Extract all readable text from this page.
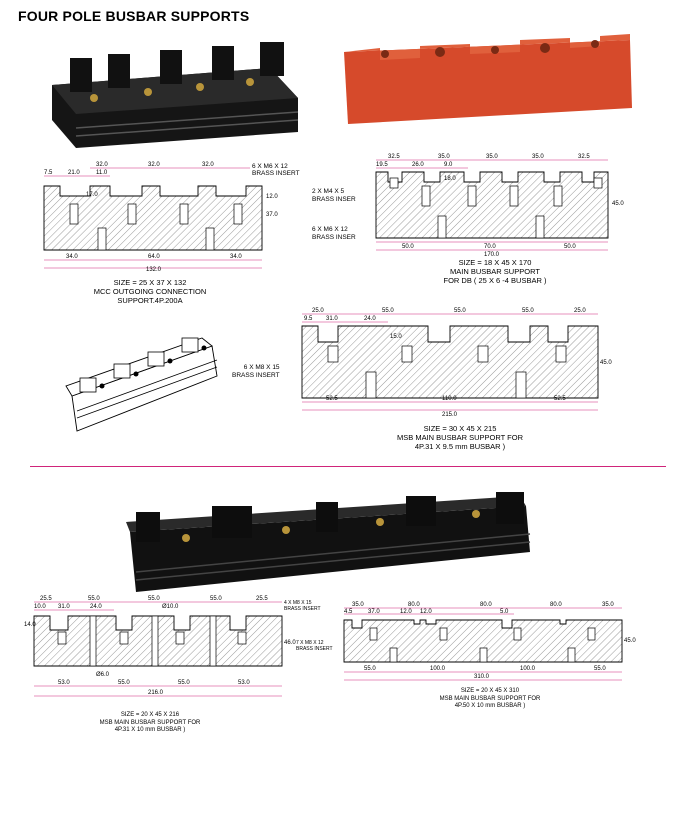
FOUR POLE BUSBAR SUPPORTS
32.0	32.0	32.0
7.5	21.0	11.0
12.0
37.0
17.0
34.0	64.0	34.0
132.0
6 X M6 X 12
BRASS INSERT
SIZE = 25 X 37 X 132
MCC OUTGOING CONNECTION
SUPPORT.4P.200A
32.5	35.0	35.0	35.0	32.5
19.5	26.0	9.0
18.0
45.0
50.0	70.0	50.0
170.0
2 X M4 X 5
BRASS INSER
6 X M6 X 12
BRASS INSER
SIZE = 18 X 45 X 170
MAIN BUSBAR SUPPORT
FOR DB ( 25 X 6 -4 BUSBAR )
25.0	55.0	55.0	55.0	25.0
9.5 31.0	24.0
15.0
45.0
52.5	110.0	52.5
215.0
6 X M8 X 15
BRASS INSERT
SIZE = 30 X 45 X 215
MSB MAIN BUSBAR SUPPORT FOR
4P.31 X 9.5 mm BUSBAR )
25.5	55.0	55.0	55.0	25.5
10.0 31.0	24.0	Ø10.0
14.0
46.0
Ø6.0
53.0	55.0	55.0	53.0
216.0
4 X M8 X 15
BRASS INSERT
SIZE = 20 X 45 X 216
MSB MAIN BUSBAR SUPPORT FOR
4P.31 X 10 mm BUSBAR )
35.0	80.0	80.0	80.0	35.0
4.5	37.0	12.0 12.0	5.0
45.0
55.0	100.0	100.0	55.0
310.0
7 X M8 X 12
BRASS INSERT
SIZE = 20 X 45 X 310
MSB MAIN BUSBAR SUPPORT FOR
4P.50 X 10 mm BUSBAR )
